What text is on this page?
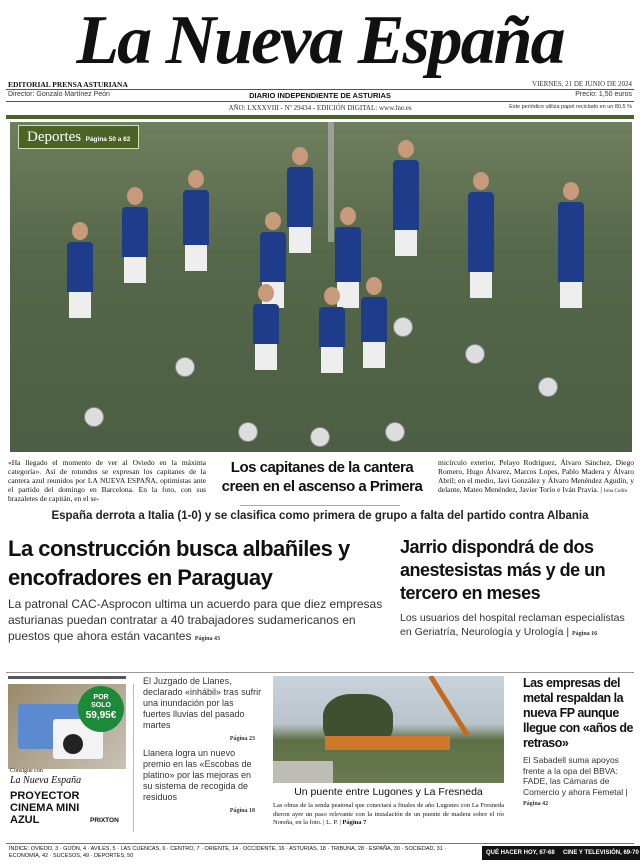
La Nueva España
EDITORIAL PRENSA ASTURIANA	VIERNES, 21 DE JUNIO DE 2024
Director: Gonzalo Martínez Peón	DIARIO INDEPENDIENTE DE ASTURIAS	Precio: 1,50 euros
AÑO: LXXXVIII - Nº 29434 - EDICIÓN DIGITAL: www.lne.es	Este periódico utiliza papel reciclado en un 80,5 %
Deportes Página 50 a 62
«Ha llegado el momento de ver al Oviedo en la máxima categoría». Así de rotundos se expresan los capitanes de la cantera azul reunidos por LA NUEVA ESPAÑA, optimistas ante el partido del domingo en Barcelona. En la foto, con sus brazaletes de capitán, en el se-
Los capitanes de la cantera creen en el ascenso a Primera
micírculo exterior, Pelayo Rodríguez, Álvaro Sánchez, Diego Romero, Hugo Álvarez, Marcos Lopes, Pablo Madera y Álvaro Abril; en el medio, Javi González y Álvaro Menéndez Agudín, y delante, Mateo Menéndez, Javier Torío e Iván Pravia. | Irma Collín
España derrota a Italia (1-0) y se clasifica como primera de grupo a falta del partido contra Albania
La construcción busca albañiles y encofradores en Paraguay
La patronal CAC-Asprocon ultima un acuerdo para que diez empresas asturianas puedan contratar a 40 trabajadores sudamericanos en puestos que ahora están vacantes Página 43
Jarrio dispondrá de dos anestesistas más y de un tercero en meses
Los usuarios del hospital reclaman especialistas en Geriatría, Neurología y Urología | Página 16
POR
SOLO
59,95€
Consigue con
La Nueva España
PROYECTOR CINEMA MINI AZUL	PRIXTON
El Juzgado de Llanes, declarado «inhábil» tras sufrir una inundación por las fuertes lluvias del pasado martes
Página 23
Llanera logra un nuevo premio en las «Escobas de platino» por las mejoras en su sistema de recogida de residuos
Página 18
Un puente entre Lugones y La Fresneda
Las obras de la senda peatonal que conectará a finales de año Lugones con La Fresneda dieron ayer un paso relevante con la instalación de un puente de madera sobre el río Noreña, en la foto. | L. P. | Página 7
Las empresas del metal respaldan la nueva FP aunque llegue con «años de retraso»
El Sabadell suma apoyos frente a la opa del BBVA: FADE, las Cámaras de Comercio y ahora Femetal | Página 42
ÍNDICE: OVIEDO, 3 · GIJÓN, 4 · AVILÉS, 5 · LAS CUENCAS, 6 · CENTRO, 7 · ORIENTE, 14 · OCCIDENTE, 16 · ASTURIAS, 18 · TRIBUNA, 28 · ESPAÑA, 30 · SOCIEDAD, 31 · ECONOMÍA, 42 · SUCESOS, 49 · DEPORTES, 50	QUÉ HACER HOY, 67-68	CINE Y TELEVISIÓN, 69-70
